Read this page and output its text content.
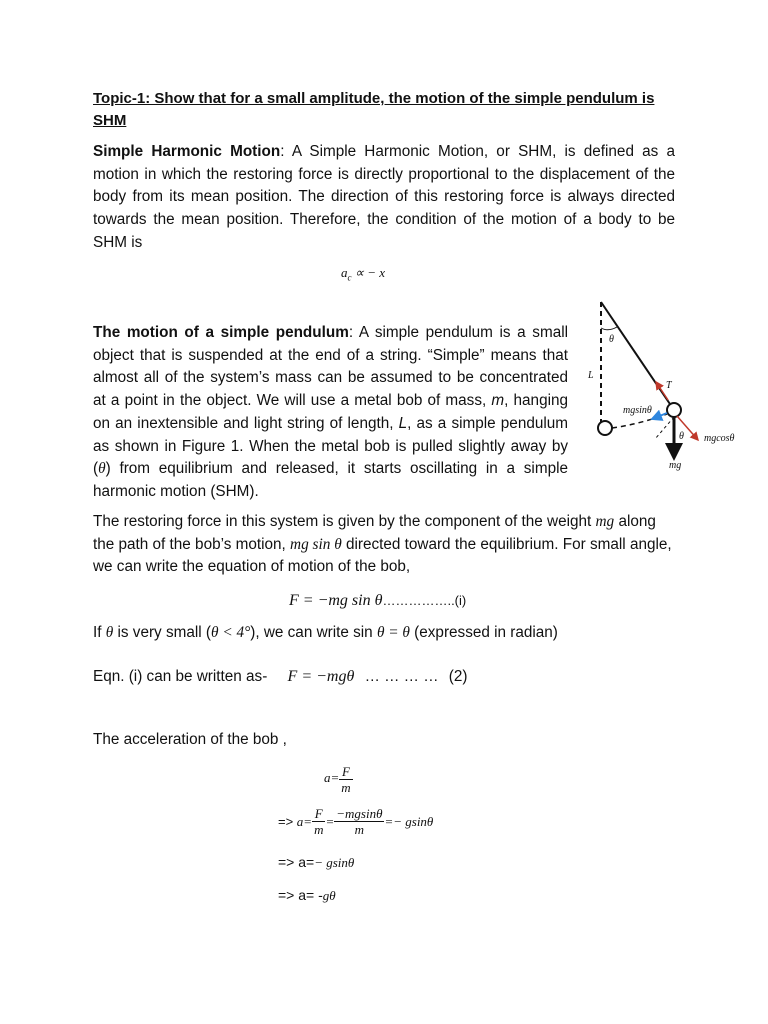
Topic-1: Show that for a small amplitude, the motion of the simple pendulum is SHM

Simple Harmonic Motion: A Simple Harmonic Motion, or SHM, is defined as a motion in which the restoring force is directly proportional to the displacement of the body from its mean position. The direction of this restoring force is always directed towards the mean position. Therefore, the condition of the motion of a body to be SHM is

$a_c$ ∝ − x

The motion of a simple pendulum: A simple pendulum is a small object that is suspended at the end of a string. “Simple” means that almost all of the system’s mass can be assumed to be concentrated at a point in the object. We will use a metal bob of mass, m, hanging on an inextensible and light string of length, L, as a simple pendulum as shown in Figure 1. When the metal bob is pulled slightly away by (θ) from equilibrium and released, it starts oscillating in a simple harmonic motion (SHM).

θ
L
T
mgsinθ
mg
mgcosθ
θ

The restoring force in this system is given by the component of the weight mg along the path of the bob’s motion, mg sin θ directed toward the equilibrium. For small angle, we can write the equation of motion of the bob,

F = −mg sin θ……………..(i)
If θ is very small (θ < 4°), we can write sin θ = θ (expressed in radian)
Eqn. (i) can be written as- F = −mgθ … … … … (2)
The acceleration of the bob ,
$a= \frac{F}{m}$
=> $a= \frac{F}{m} = \frac{-mgsin\theta}{m} =- gsin\theta$
=> a=− gsinθ
=> a= -gθ
